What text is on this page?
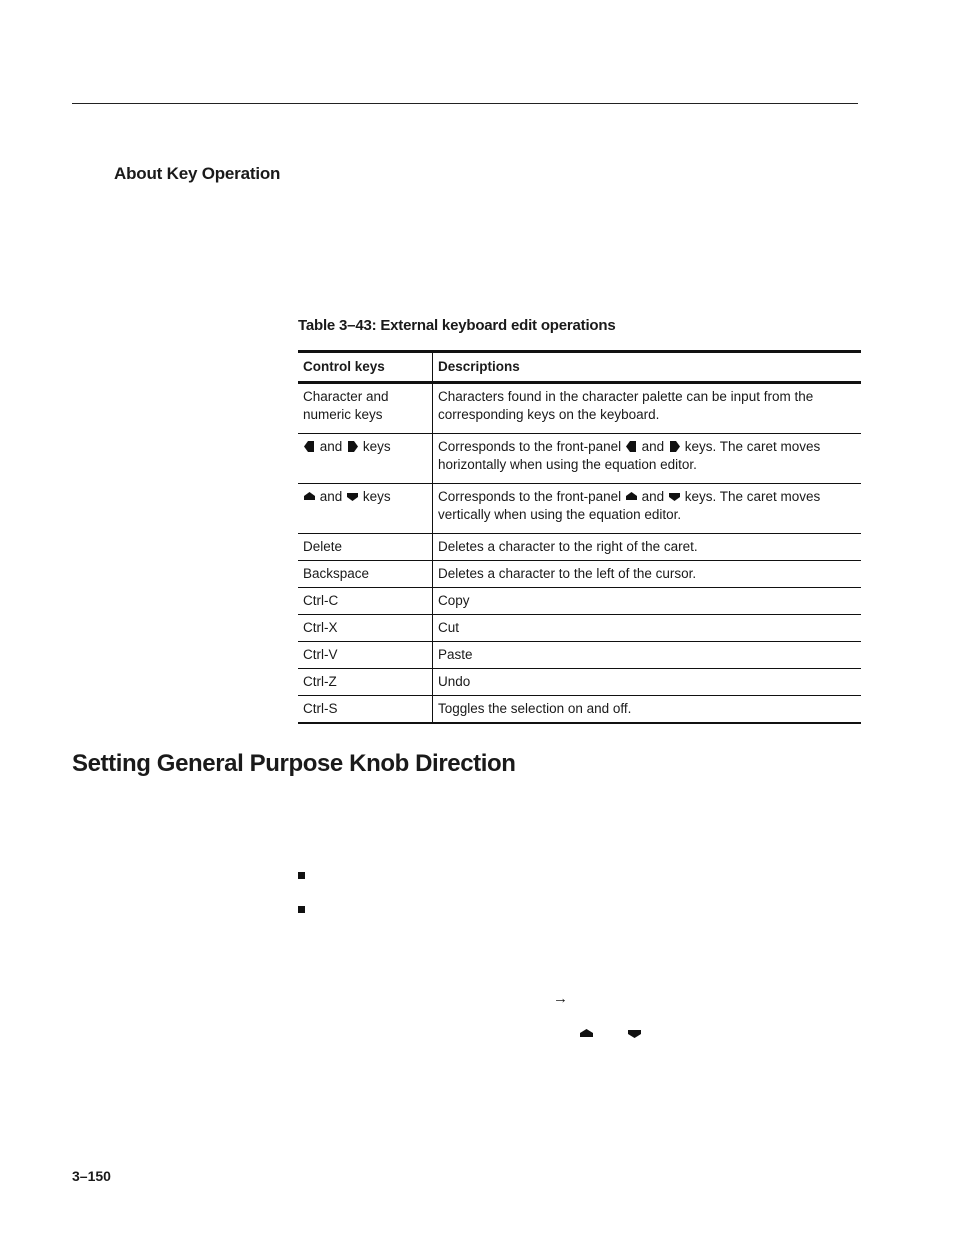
About Key Operation
Table 3–43: External keyboard edit operations
Control keys	Descriptions
Character and numeric keys	Characters found in the character palette can be input from the corresponding keys on the keyboard.

and keys	Corresponds to the front-panel and keys. The caret moves horizontally when using the equation editor.

and keys	Corresponds to the front-panel and keys. The caret moves vertically when using the equation editor.
Delete	Deletes a character to the right of the caret.
Backspace	Deletes a character to the left of the cursor.
Ctrl-C	Copy
Ctrl-X	Cut
Ctrl-V	Paste
Ctrl-Z	Undo
Ctrl-S	Toggles the selection on and off.
Setting General Purpose Knob Direction
→
3–150
